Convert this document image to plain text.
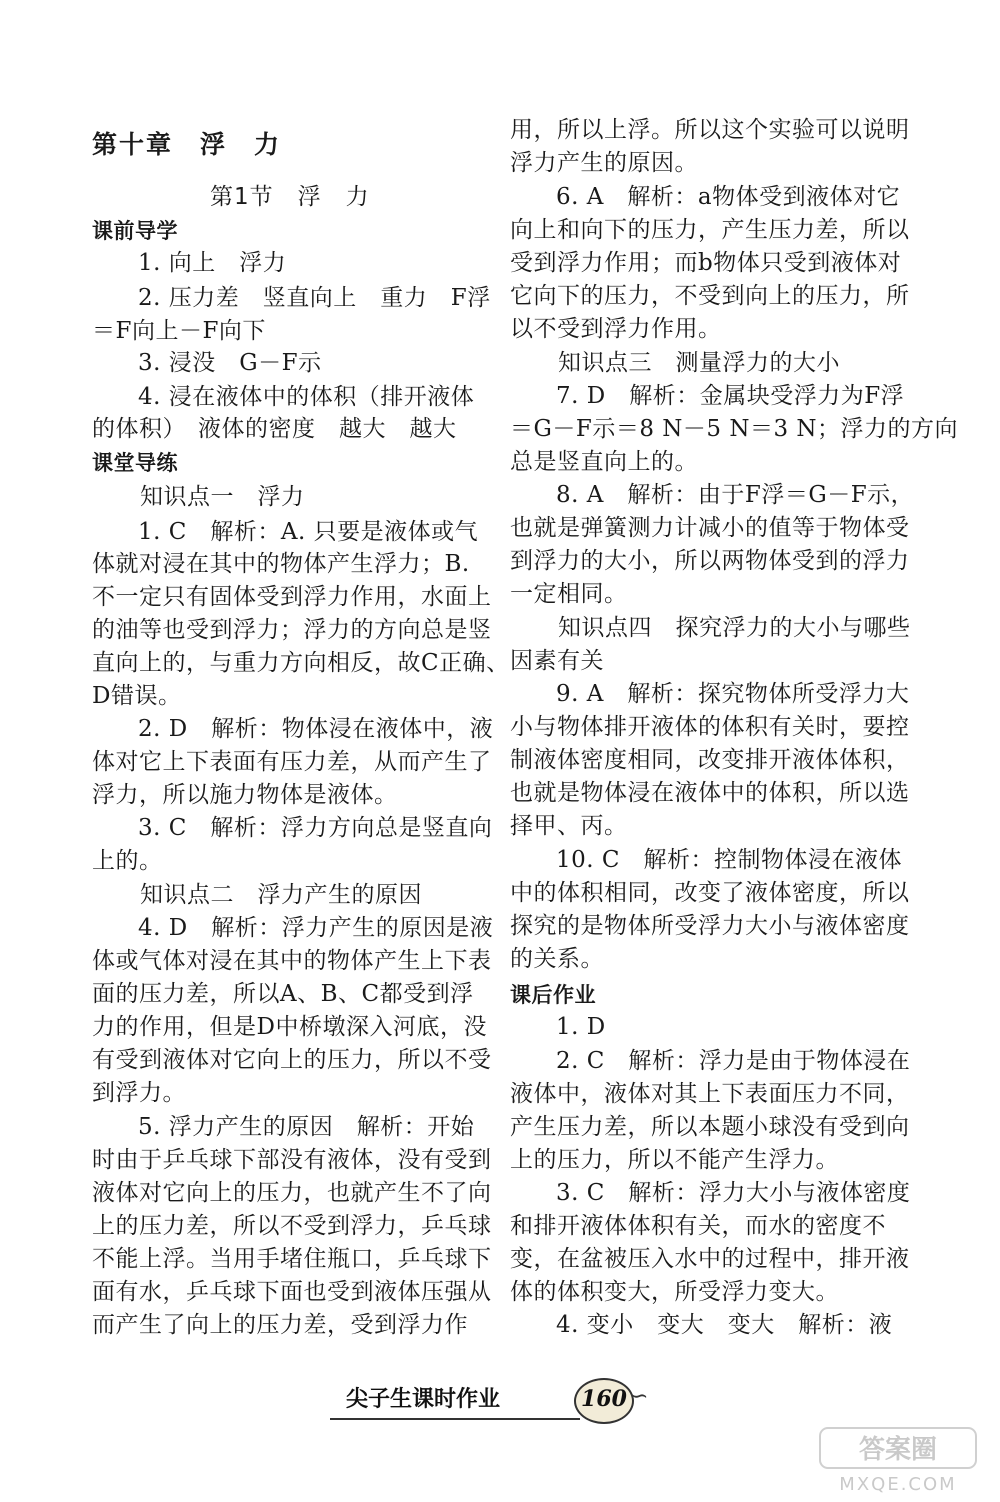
第十章　浮　力
第1节　浮　力
课前导学
1. 向上　浮力
2. 压力差　竖直向上　重力　F浮
＝F向上－F向下
3. 浸没　G－F示
4. 浸在液体中的体积（排开液体
的体积）　液体的密度　越大　越大
课堂导练
知识点一　浮力
1. C　解析：A. 只要是液体或气
体就对浸在其中的物体产生浮力；B.
不一定只有固体受到浮力作用，水面上
的油等也受到浮力；浮力的方向总是竖
直向上的，与重力方向相反，故C正确、
D错误。
2. D　解析：物体浸在液体中，液
体对它上下表面有压力差，从而产生了
浮力，所以施力物体是液体。
3. C　解析：浮力方向总是竖直向
上的。
知识点二　浮力产生的原因
4. D　解析：浮力产生的原因是液
体或气体对浸在其中的物体产生上下表
面的压力差，所以A、B、C都受到浮
力的作用，但是D中桥墩深入河底，没
有受到液体对它向上的压力，所以不受
到浮力。
5. 浮力产生的原因　解析：开始
时由于乒乓球下部没有液体，没有受到
液体对它向上的压力，也就产生不了向
上的压力差，所以不受到浮力，乒乓球
不能上浮。当用手堵住瓶口，乒乓球下
面有水，乒乓球下面也受到液体压强从
而产生了向上的压力差，受到浮力作
用，所以上浮。所以这个实验可以说明
浮力产生的原因。
6. A　解析：a物体受到液体对它
向上和向下的压力，产生压力差，所以
受到浮力作用；而b物体只受到液体对
它向下的压力，不受到向上的压力，所
以不受到浮力作用。
知识点三　测量浮力的大小
7. D　解析：金属块受浮力为F浮
＝G－F示＝8 N－5 N＝3 N；浮力的方向
总是竖直向上的。
8. A　解析：由于F浮＝G－F示，
也就是弹簧测力计减小的值等于物体受
到浮力的大小，所以两物体受到的浮力
一定相同。
知识点四　探究浮力的大小与哪些
因素有关
9. A　解析：探究物体所受浮力大
小与物体排开液体的体积有关时，要控
制液体密度相同，改变排开液体体积，
也就是物体浸在液体中的体积，所以选
择甲、丙。
10. C　解析：控制物体浸在液体
中的体积相同，改变了液体密度，所以
探究的是物体所受浮力大小与液体密度
的关系。
课后作业
1. D
2. C　解析：浮力是由于物体浸在
液体中，液体对其上下表面压力不同，
产生压力差，所以本题小球没有受到向
上的压力，所以不能产生浮力。
3. C　解析：浮力大小与液体密度
和排开液体体积有关，而水的密度不
变，在盆被压入水中的过程中，排开液
体的体积变大，所受浮力变大。
4. 变小　变大　变大　解析：液
尖子生课时作业	160 ∽
答案圈
MXQE.COM
